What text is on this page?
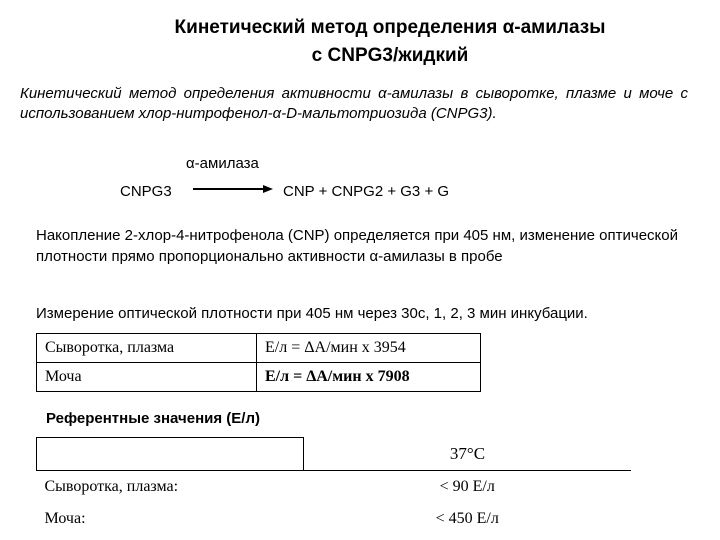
Кинетический метод определения α-амилазы
с CNPG3/жидкий
Кинетический метод определения активности α-амилазы в сыворотке, плазме и моче с использованием хлор-нитрофенол-α-D-мальтотриозида (CNPG3).
α-амилаза
CNPG3	CNP + CNPG2 + G3 + G
Накопление 2-хлор-4-нитрофенола (CNP) определяется при 405 нм, изменение оптической плотности прямо пропорционально активности α-амилазы в пробе
Измерение оптической плотности при 405 нм через 30с, 1, 2, 3 мин инкубации.
Сыворотка, плазма	Е/л = ΔA/мин х 3954
Моча	Е/л = ΔA/мин х 7908
Референтные значения (Е/л)
	37°C
Сыворотка, плазма:	< 90 Е/л
Моча:	< 450 Е/л
